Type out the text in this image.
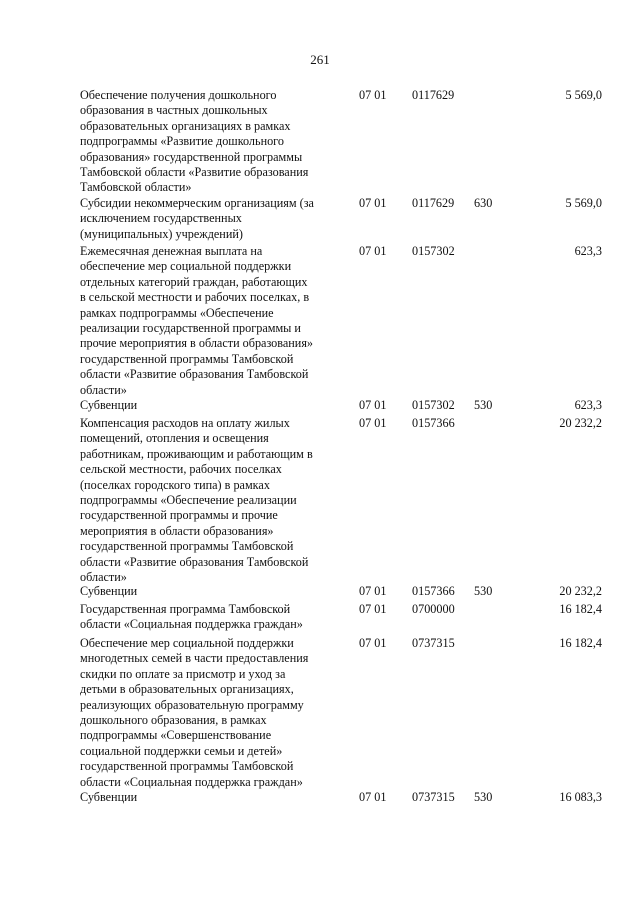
261
Обеспечение получения дошкольного
образования в частных дошкольных
образовательных организациях в рамках
подпрограммы «Развитие дошкольного
образования» государственной программы
Тамбовской области «Развитие образования
Тамбовской области»
07 01 0117629	5 569,0
Субсидии некоммерческим организациям (за
исключением государственных
(муниципальных) учреждений)
07 01 0117629 630	5 569,0
Ежемесячная денежная выплата на
обеспечение мер социальной поддержки
отдельных категорий граждан, работающих
в сельской местности и рабочих поселках, в
рамках подпрограммы «Обеспечение
реализации государственной программы и
прочие мероприятия в области образования»
государственной программы Тамбовской
области «Развитие образования Тамбовской
области»
07 01 0157302	623,3
Субвенции	07 01 0157302 530	623,3
Компенсация расходов на оплату жилых
помещений, отопления и освещения
работникам, проживающим и работающим в
сельской местности, рабочих поселках
(поселках городского типа) в рамках
подпрограммы «Обеспечение реализации
государственной программы и прочие
мероприятия в области образования»
государственной программы Тамбовской
области «Развитие образования Тамбовской
области»
07 01 0157366	20 232,2
Субвенции	07 01 0157366 530	20 232,2
Государственная программа Тамбовской
области «Социальная поддержка граждан»
07 01 0700000	16 182,4
Обеспечение мер социальной поддержки
многодетных семей в части предоставления
скидки по оплате за присмотр и уход за
детьми в образовательных организациях,
реализующих образовательную программу
дошкольного образования, в рамках
подпрограммы «Совершенствование
социальной поддержки семьи и детей»
государственной программы Тамбовской
области «Социальная поддержка граждан»
07 01 0737315	16 182,4
Субвенции	07 01 0737315 530	16 083,3
